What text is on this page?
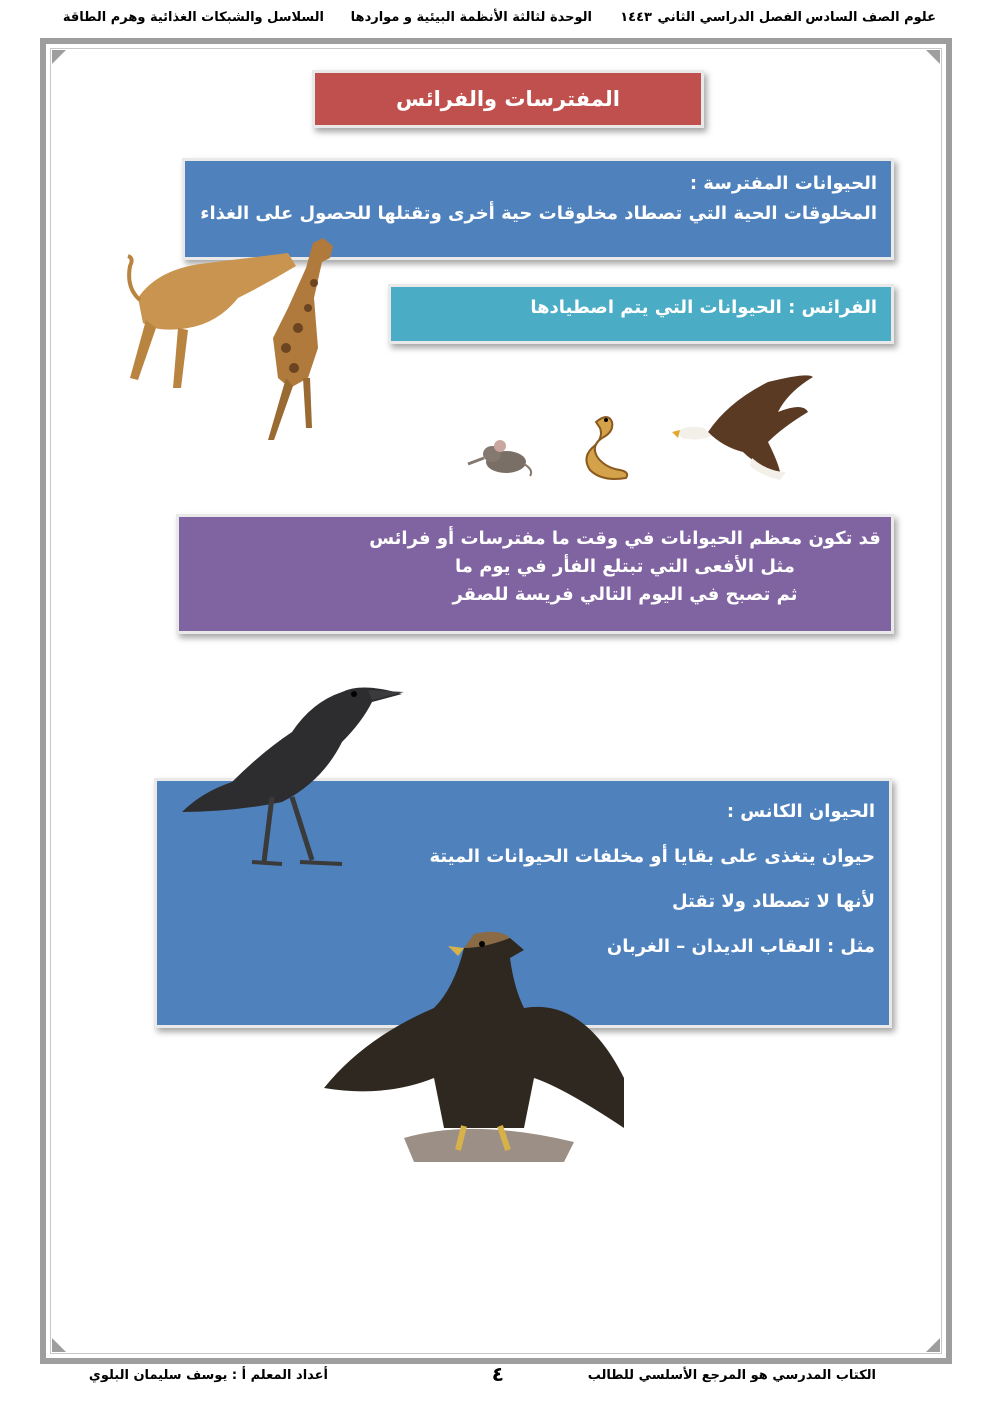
علوم الصف السادس
الفصل الدراسي الثاني
١٤٤٣
الوحدة لثالثة الأنظمة البيئية و مواردها
السلاسل والشبكات الغذائية وهرم الطاقة
المفترسات والفرائس
الحيوانات المفترسة :
المخلوقات الحية التي تصطاد مخلوقات حية أخرى وتقتلها للحصول على الغذاء
الفرائس : الحيوانات التي يتم اصطيادها
قد تكون معظم الحيوانات في وقت ما مفترسات أو فرائس
مثل الأفعى التي تبتلع الفأر في يوم ما
ثم تصبح في اليوم التالي فريسة للصقر
الحيوان الكانس :
حيوان يتغذى على بقايا أو مخلفات الحيوانات الميتة
لأنها لا تصطاد ولا تقتل
مثل : العقاب الديدان – الغربان
الكتاب المدرسي هو المرجع الأسلسي للطالب
٤
أعداد المعلم أ : يوسف سليمان البلوي
